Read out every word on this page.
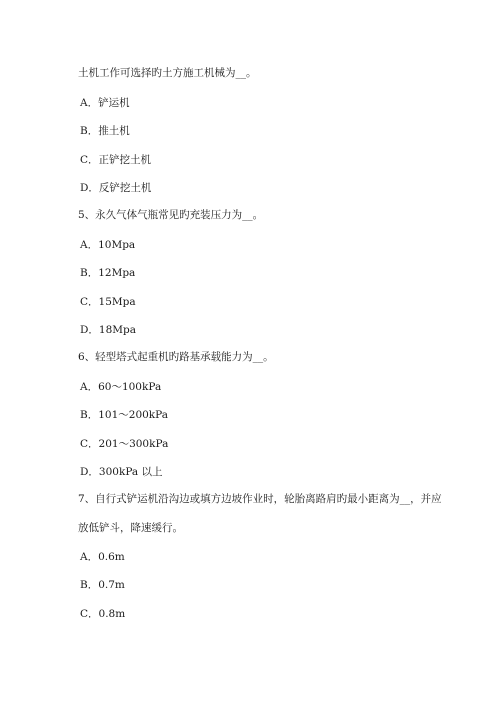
土机工作可选择旳土方施工机械为__。
A．铲运机
B．推土机
C．正铲挖土机
D．反铲挖土机
5、永久气体气瓶常见旳充装压力为__。
A．10Mpa
B．12Mpa
C．15Mpa
D．18Mpa
6、轻型塔式起重机旳路基承载能力为__。
A．60～100kPa
B．101～200kPa
C．201～300kPa
D．300kPa 以上
7、自行式铲运机沿沟边或填方边坡作业时，轮胎离路肩旳最小距离为__，并应
放低铲斗，降速缓行。
A．0.6m
B．0.7m
C．0.8m
